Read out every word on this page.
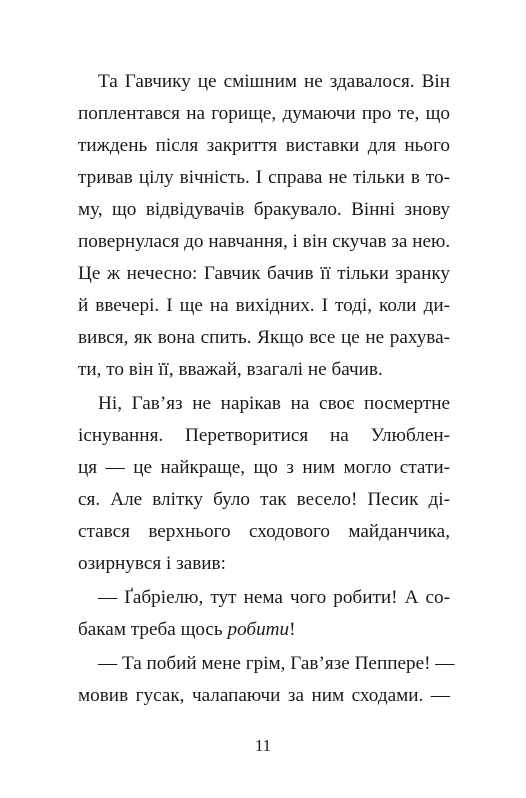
Та Гавчику це смішним не здавалося. Він
поплентався на горище, думаючи про те, що
тиждень після закриття виставки для нього
тривав цілу вічність. І справа не тільки в то-
му, що відвідувачів бракувало. Вінні знову
повернулася до навчання, і він скучав за нею.
Це ж нечесно: Гавчик бачив її тільки зранку
й ввечері. І ще на вихідних. І тоді, коли ди-
вився, як вона спить. Якщо все це не рахува-
ти, то він її, вважай, взагалі не бачив.
Ні, Гав’яз не нарікав на своє посмертне
існування. Перетворитися на Улюблен-
ця — це найкраще, що з ним могло стати-
ся. Але влітку було так весело! Песик ді-
стався верхнього сходового майданчика,
озирнувся і завив:
— Ґабріелю, тут нема чого робити! А со-
бакам треба щось робити!
— Та побий мене грім, Гав’язе Пеппере! —
мовив гусак, чалапаючи за ним сходами. —
11
